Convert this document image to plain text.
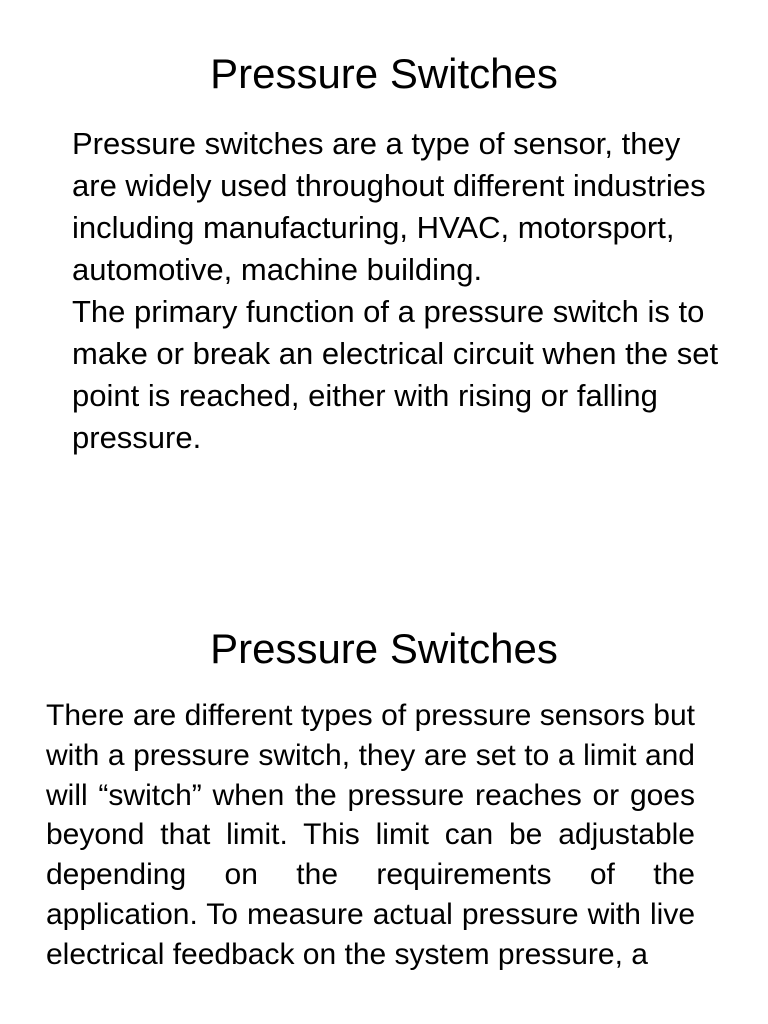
Pressure Switches

Pressure switches are a type of sensor, they are widely used throughout different industries including manufacturing, HVAC, motorsport, automotive, machine building.

The primary function of a pressure switch is to make or break an electrical circuit when the set point is reached, either with rising or falling pressure.

Pressure Switches

There are different types of pressure sensors but with a pressure switch, they are set to a limit and will “switch” when the pressure reaches or goes beyond that limit. This limit can be adjustable depending on the requirements of the application. To measure actual pressure with live electrical feedback on the system pressure, a
